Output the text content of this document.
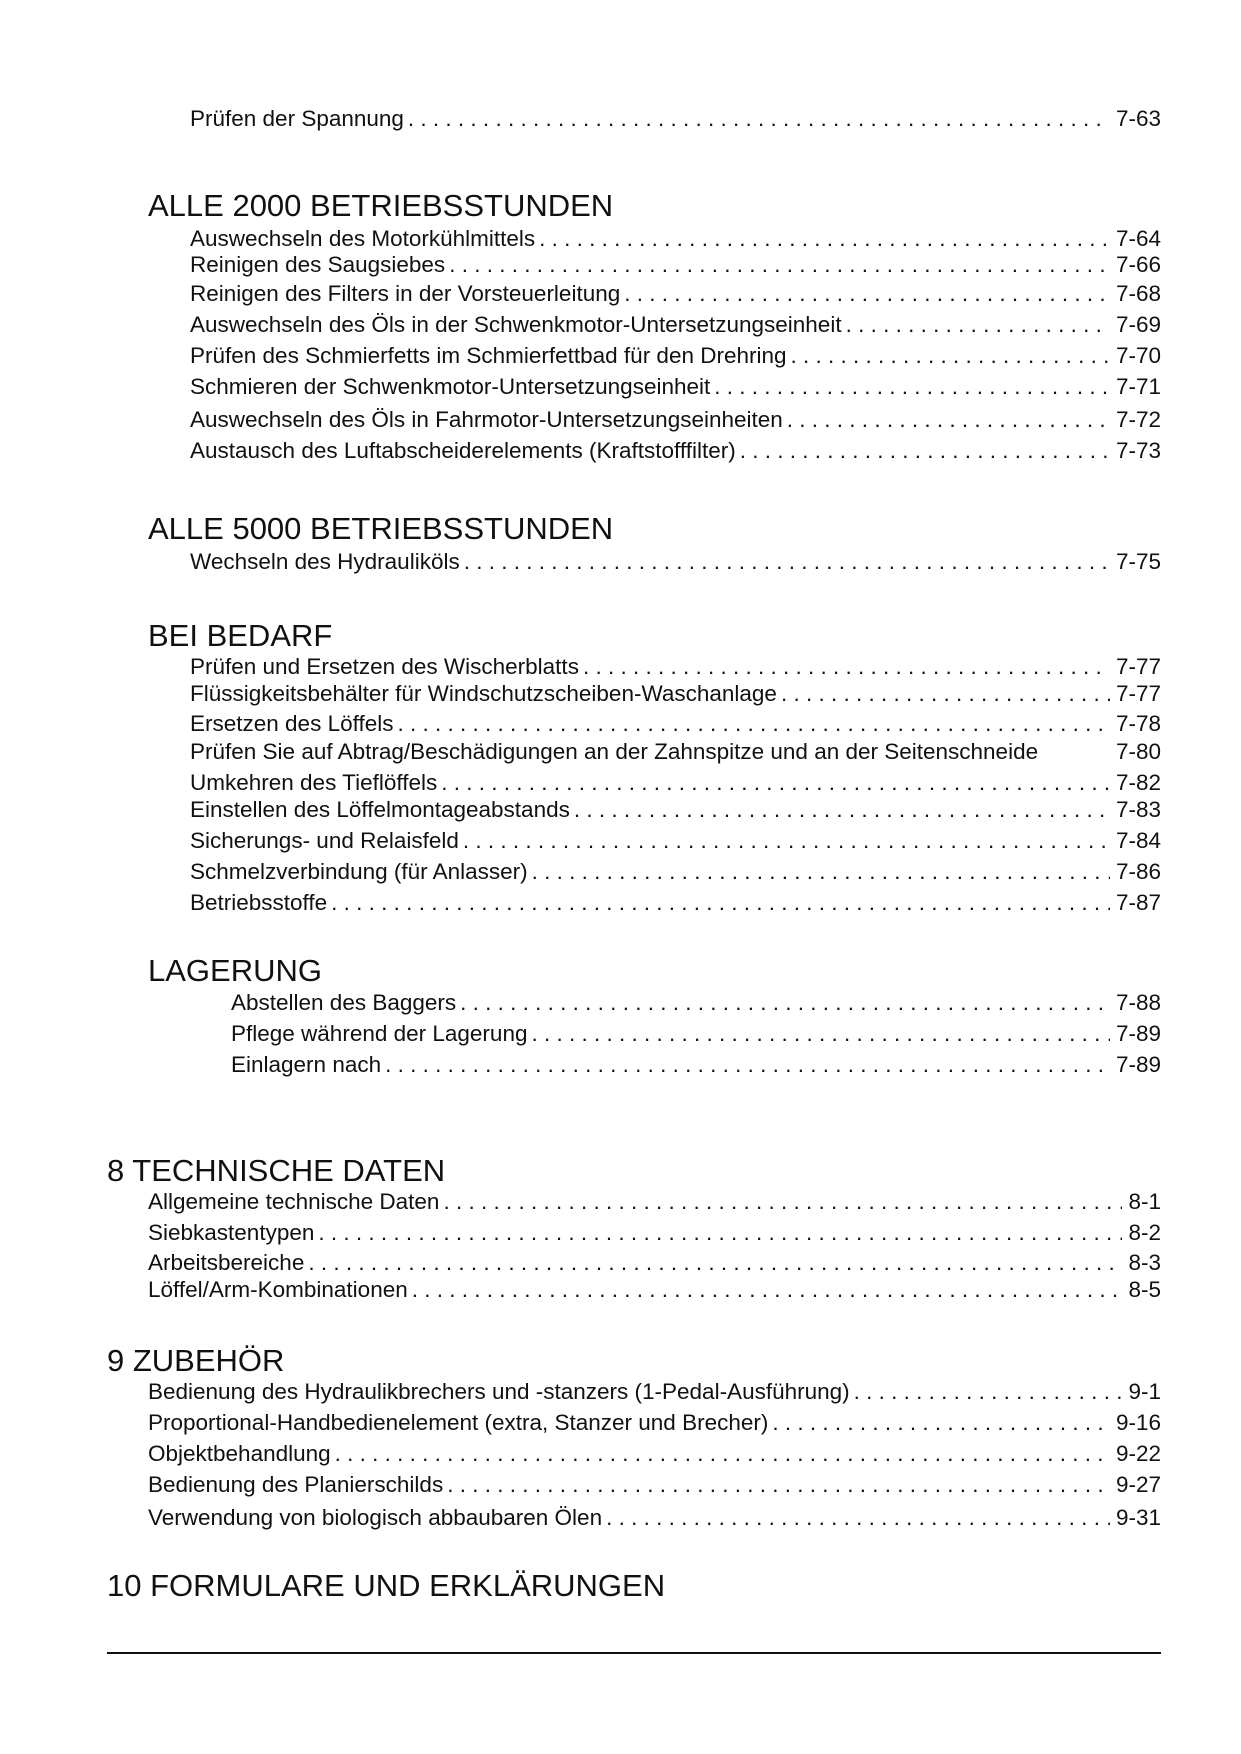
Prüfen der Spannung . . .	7-63
ALLE 2000 BETRIEBSSTUNDEN
Auswechseln des Motorkühlmittels . . .	7-64
Reinigen des Saugsiebes . . .	7-66
Reinigen des Filters in der Vorsteuerleitung . . .	7-68
Auswechseln des Öls in der Schwenkmotor-Untersetzungseinheit . . .	7-69
Prüfen des Schmierfetts im Schmierfettbad für den Drehring . . .	7-70
Schmieren der Schwenkmotor-Untersetzungseinheit . . .	7-71
Auswechseln des Öls in Fahrmotor-Untersetzungseinheiten . . .	7-72
Austausch des Luftabscheiderelements (Kraftstofffilter) . . .	7-73
ALLE 5000 BETRIEBSSTUNDEN
Wechseln des Hydrauliköls . . .	7-75
BEI BEDARF
Prüfen und Ersetzen des Wischerblatts . . .	7-77
Flüssigkeitsbehälter für Windschutzscheiben-Waschanlage . . .	7-77
Ersetzen des Löffels . . .	7-78
Prüfen Sie auf Abtrag/Beschädigungen an der Zahnspitze und an der Seitenschneide	7-80
Umkehren des Tieflöffels . . .	7-82
Einstellen des Löffelmontageabstands . . .	7-83
Sicherungs- und Relaisfeld . . .	7-84
Schmelzverbindung (für Anlasser) . . .	7-86
Betriebsstoffe . . .	7-87
LAGERUNG
Abstellen des Baggers . . .	7-88
Pflege während der Lagerung . . .	7-89
Einlagern nach . . .	7-89
8 TECHNISCHE DATEN
Allgemeine technische Daten . . .	8-1
Siebkastentypen . . .	8-2
Arbeitsbereiche . . .	8-3
Löffel/Arm-Kombinationen . . .	8-5
9 ZUBEHÖR
Bedienung des Hydraulikbrechers und -stanzers (1-Pedal-Ausführung) . . .	9-1
Proportional-Handbedienelement (extra, Stanzer und Brecher) . . .	9-16
Objektbehandlung . . .	9-22
Bedienung des Planierschilds . . .	9-27
Verwendung von biologisch abbaubaren Ölen . . .	9-31
10 FORMULARE UND ERKLÄRUNGEN
